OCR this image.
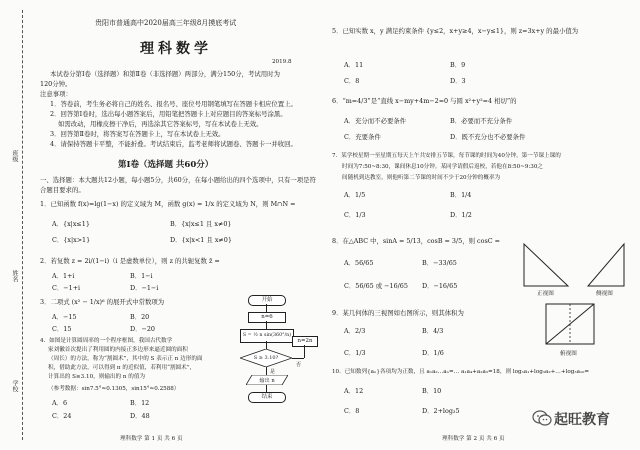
班级
姓名
学校
贵阳市普通高中2020届高三年级8月摸底考试
理科数学
2019.8
本试卷分第Ⅰ卷（选择题）和第Ⅱ卷（非选择题）两部分，满分150分，考试用时为
120分钟。
注意事项：
1．答卷前，考生务必将自己的姓名、报名号、座位号用钢笔填写在答题卡相应位置上。
2．回答第Ⅰ卷时，选出每小题答案后，用铅笔把答题卡上对应题目的答案标号涂黑。
如需改动，用橡皮擦干净后，再选涂其它答案标号，写在本试卷上无效。
3．回答第Ⅱ卷时，将答案写在答题卡上，写在本试卷上无效。
4．请保持答题卡平整，不能折叠。考试结束后，监考老师将试题卷、答题卡一并收回。
第Ⅰ卷（选择题 共60分）
一、选择题：本大题共12小题，每小题5分，共60分，在每小题给出的四个选项中，只有一项是符
合题目要求的。
1．已知函数 f(x)=lg(1−x) 的定义域为 M，函数 g(x) = 1/x 的定义域为 N，则 M∩N =
A．{x|x≤1}	B．{x|x≤1 且 x≠0}
C．{x|x>1}	D．{x|x<1 且 x≠0}
2．若复数 z = 2i/(1−i)（i 是虚数单位），则 z 的共轭复数 z̄ =
A．1+i	B．1−i
C．−1+i	D．−1−i
3．二项式 (x² − 1/x)⁶ 的展开式中常数项为
A．−15	B．20
C．15	D．−20
4．如图是计算圆周率的一个程序框图，我国古代数学
家刘徽首次提出了利用圆的内接正多边形来逼近圆的面积
（周长）的方法，称为“割圆术”，其中的 S 表示正 n 边形的面
积，借助此方法，可以得到 π 的近似值，若利用“割圆术”，
计算出的 S≥3.10，则输出的 n 的值为
（参考数据：sin7.5°≈0.1305，sin15°≈0.2588）
A．6	B．12
C．24	D．48
开始
n=6
S = ½ n sin(360°/n)
S ≥ 3.10?
n=2n
否
是
输出 n
结束
理科数学 第 1 页 共 6 页
5．已知实数 x，y 满足约束条件 {y≤2，x+y≥4，x−y≤1}，则 z=3x+y 的最小值为
A．11	B．9
C．8	D．3
6．“m=4/3”是“直线 x−my+4m−2=0 与圆 x²+y²=4 相切”的
A．充分而不必要条件	B．必要而不充分条件
C．充要条件	D．既不充分也不必要条件
7．某学校星期一至星期五每天上午共安排五节课，每节课的时间为40分钟，第一节课上课的
时间为7:50~8:30，课间休息10分钟。某同学请假后返校，若他在8:50~9:30之
间随机到达教室，则他听第二节课的时间不少于20分钟的概率为
A．1/5	B．1/4
C．1/3	D．1/2
8．在△ABC 中，sinA = 5/13，cosB = 3/5，则 cosC =
A．56/65	B．−33/65
C．56/65 或 −16/65 D．−16/65
9．某几何体的三视图如右图所示，则其体积为
A．2/3	B．4/3
C．1/3	D．1/6
正视图	侧视图
俯视图
10．已知数列{aₙ}各项均为正数，且 a₁a₂…aₙ=… a₁a₄+a₂a₃=18，则 log₃a₁+log₃a₂+…+log₃a₁₀=
A．12	B．10
C．8	D．2+log₃5
起旺教育
理科数学 第 2 页 共 6 页
